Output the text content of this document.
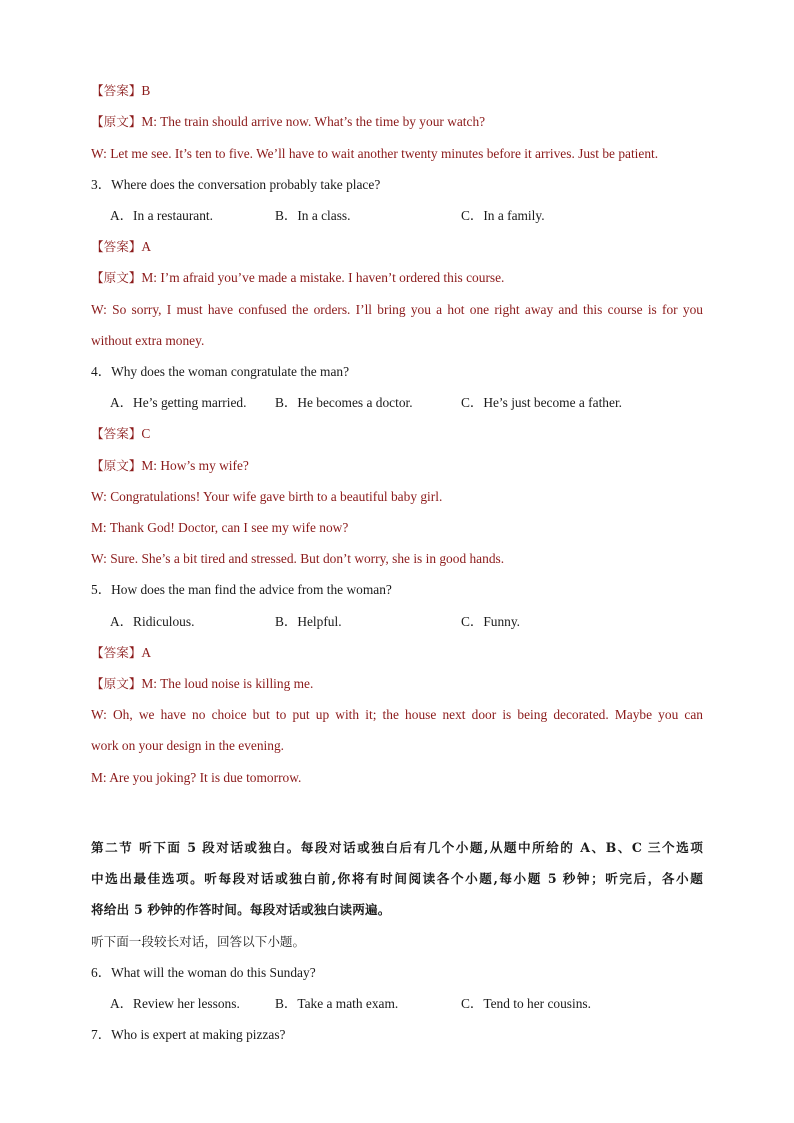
【答案】B
【原文】M: The train should arrive now. What’s the time by your watch?
W: Let me see. It’s ten to five. We’ll have to wait another twenty minutes before it arrives. Just be patient.
3．Where does the conversation probably take place?
A．In a restaurant.	B．In a class.	C．In a family.
【答案】A
【原文】M: I’m afraid you’ve made a mistake. I haven’t ordered this course.
W: So sorry, I must have confused the orders. I’ll bring you a hot one right away and this course is for you
without extra money.
4．Why does the woman congratulate the man?
A．He’s getting married. B．He becomes a doctor.	C．He’s just become a father.
【答案】C
【原文】M: How’s my wife?
W: Congratulations! Your wife gave birth to a beautiful baby girl.
M: Thank God! Doctor, can I see my wife now?
W: Sure. She’s a bit tired and stressed. But don’t worry, she is in good hands.
5．How does the man find the advice from the woman?
A．Ridiculous.	B．Helpful.	C．Funny.
【答案】A
【原文】M: The loud noise is killing me.
W: Oh, we have no choice but to put up with it; the house next door is being decorated. Maybe you can
work on your design in the evening.
M: Are you joking? It is due tomorrow.
第二节 听下面 5 段对话或独白。每段对话或独白后有几个小题,从题中所给的 A、B、C 三个选项
中选出最佳选项。听每段对话或独白前,你将有时间阅读各个小题,每小题 5 秒钟；听完后，各小题
将给出 5 秒钟的作答时间。每段对话或独白读两遍。
听下面一段较长对话，回答以下小题。
6．What will the woman do this Sunday?
A．Review her lessons.	B．Take a math exam.	C．Tend to her cousins.
7．Who is expert at making pizzas?
